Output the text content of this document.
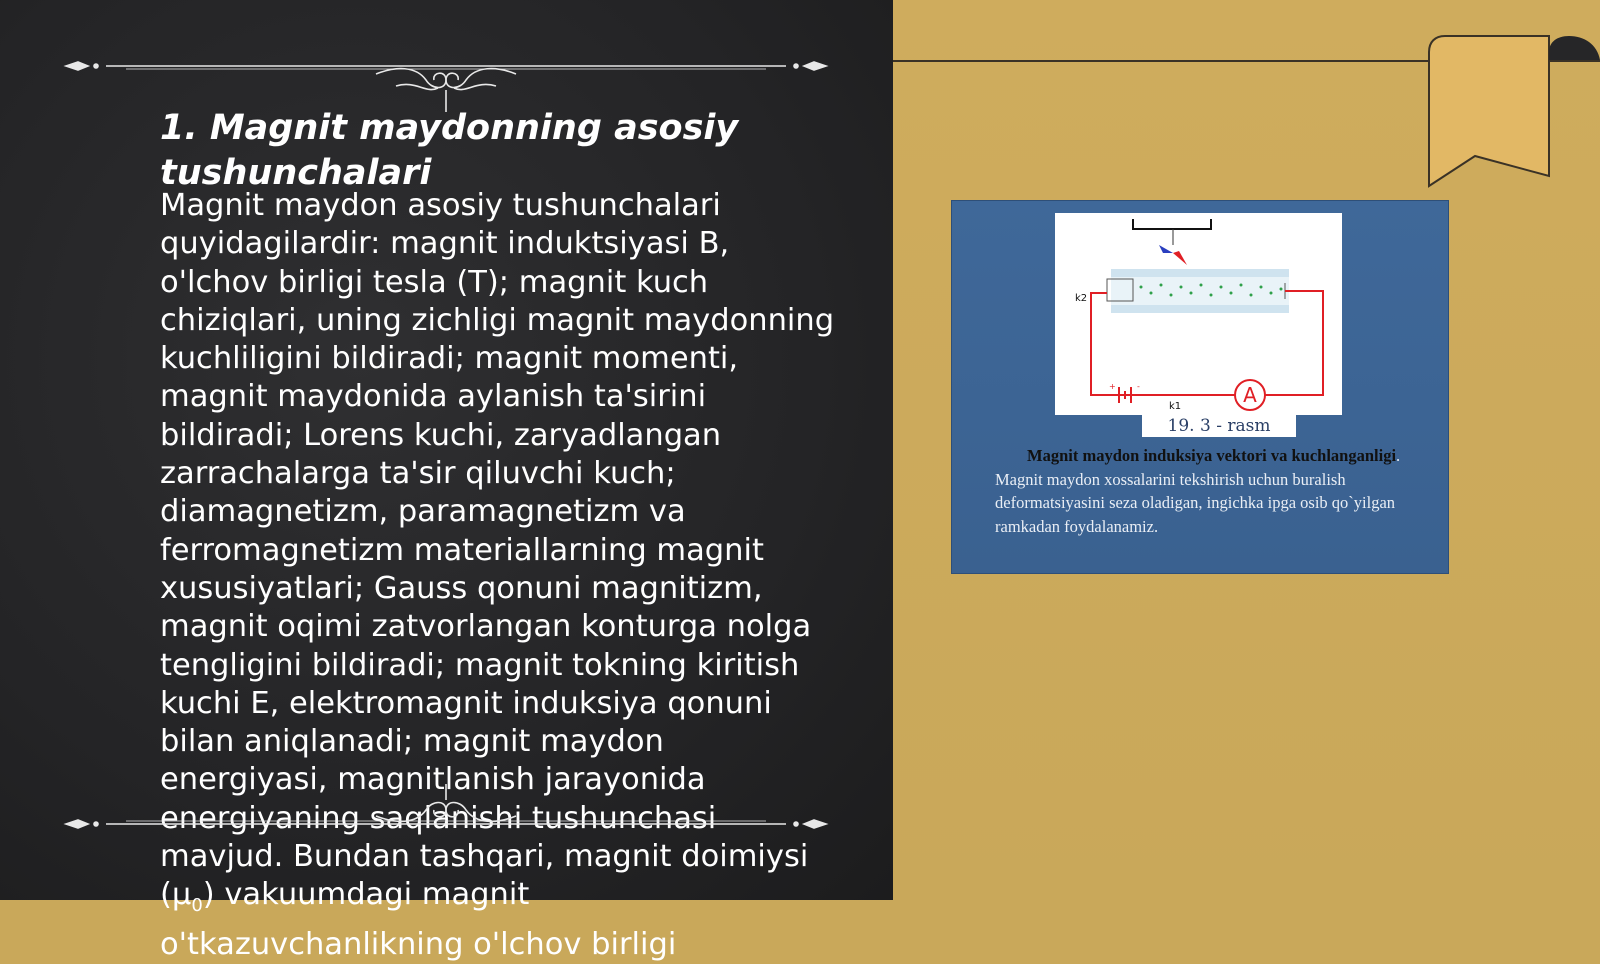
1. Magnit maydonning asosiy tushunchalari
Magnit maydon asosiy tushunchalari quyidagilardir: magnit induktsiyasi B, o'lchov birligi tesla (T); magnit kuch chiziqlari, uning zichligi magnit maydonning kuchliligini bildiradi; magnit momenti, magnit maydonida aylanish ta'sirini bildiradi; Lorens kuchi, zaryadlangan zarrachalarga ta'sir qiluvchi kuch; diamagnetizm, paramagnetizm va ferromagnetizm materiallarning magnit xususiyatlari; Gauss qonuni magnitizm, magnit oqimi zatvorlangan konturga nolga tengligini bildiradi; magnit tokning kiritish kuchi E, elektromagnit induksiya qonuni bilan aniqlanadi; magnit maydon energiyasi, magnitlanish jarayonida energiyaning saqlanishi tushunchasi mavjud. Bundan tashqari, magnit doimiysi $(\mu_0)$ vakuumdagi magnit o'tkazuvchanlikning o'lchov birligi
A
+	-
k1
k2
19. 3 - rasm
Magnit maydon induksiya vektori va kuchlanganligi. Magnit maydon xossalarini tekshirish uchun buralish deformatsiyasini seza oladigan, ingichka ipga osib qo`yilgan ramkadan foydalanamiz.
